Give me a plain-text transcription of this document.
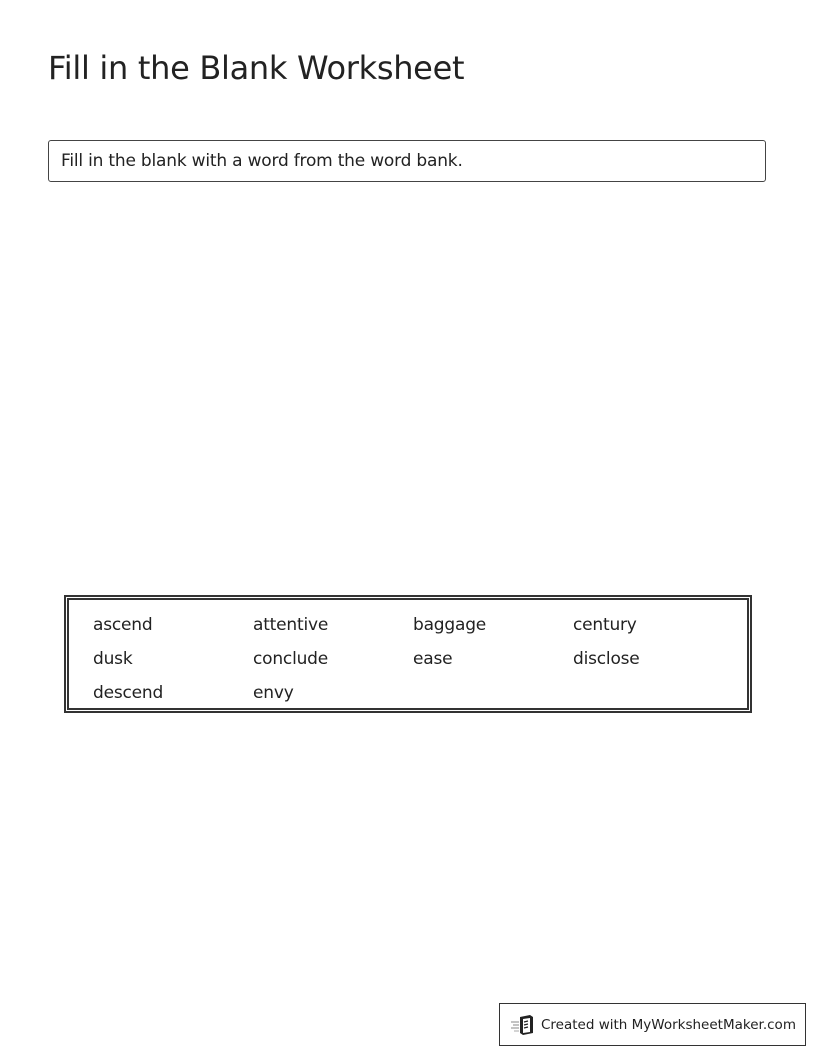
Fill in the Blank Worksheet
Fill in the blank with a word from the word bank.
ascend	attentive	baggage	century
dusk	conclude	ease	disclose
descend	envy
Created with MyWorksheetMaker.com
